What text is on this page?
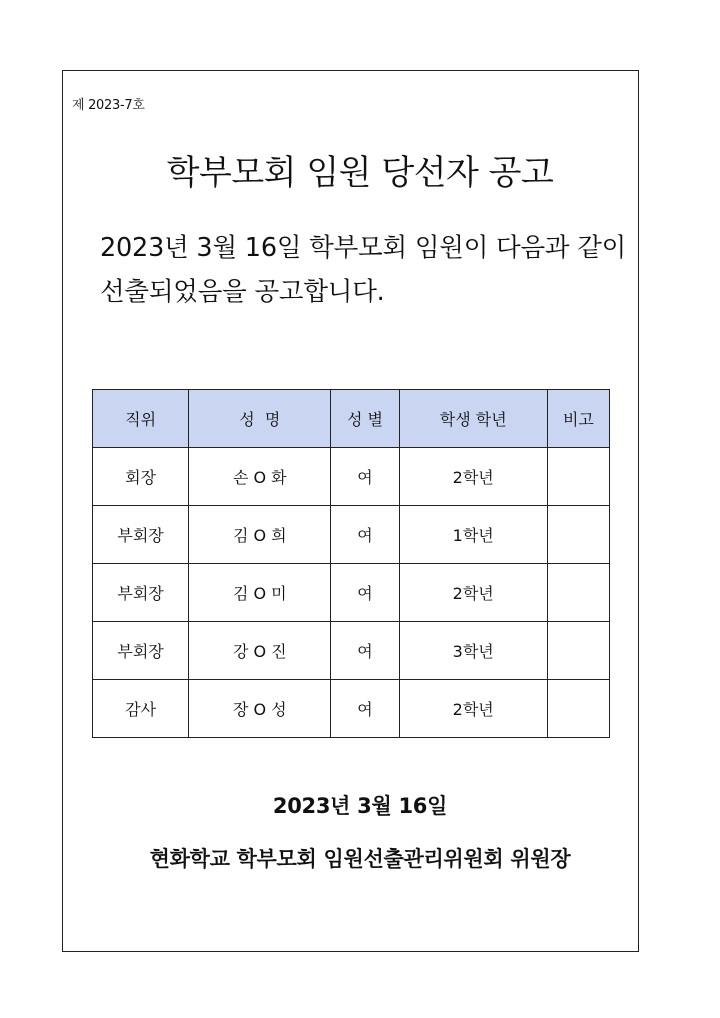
제 2023-7호
학부모회 임원 당선자 공고
2023년 3월 16일 학부모회 임원이 다음과 같이
선출되었음을 공고합니다.
직위	성  명	성 별	학생 학년	비고
회장	손 O 화	여	2학년	
부회장	김 O 희	여	1학년	
부회장	김 O 미	여	2학년	
부회장	강 O 진	여	3학년	
감사	장 O 성	여	2학년	
2023년 3월 16일
현화학교 학부모회 임원선출관리위원회 위원장
